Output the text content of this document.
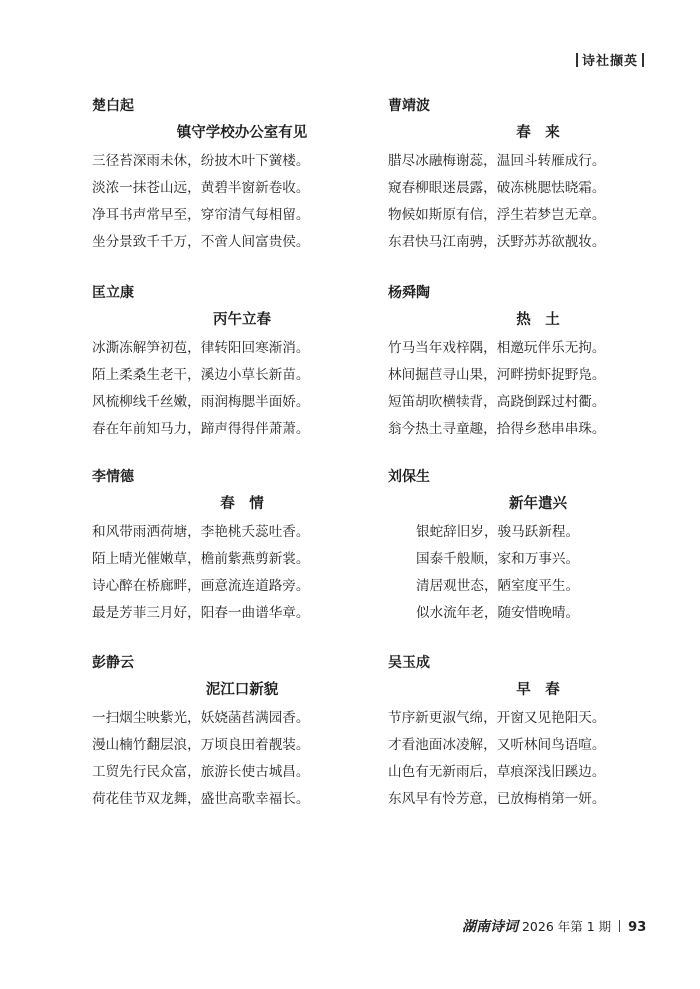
诗社撷英
楚白起
镇守学校办公室有见
三径苔深雨未休，纷披木叶下黉楼。
淡浓一抹苍山远，黄碧半窗新卷收。
净耳书声常早至，穿帘清气每相留。
坐分景致千千万，不啻人间富贵侯。
曹靖波
春　来
腊尽冰融梅谢蕊，温回斗转雁成行。
窥春柳眼迷晨露，破冻桃腮怯晓霜。
物候如斯原有信，浮生若梦岂无章。
东君快马江南骋，沃野苏苏欲靓妆。
匡立康
丙午立春
冰澌冻解笋初苞，律转阳回寒渐消。
陌上柔桑生老干，溪边小草长新苗。
风梳柳线千丝嫩，雨润梅腮半面娇。
春在年前知马力，蹄声得得伴萧萧。
杨舜陶
热　土
竹马当年戏梓隅，相邀玩伴乐无拘。
林间掘苣寻山果，河畔捞虾捉野凫。
短笛胡吹横犊背，高跷倒踩过村衢。
翁今热土寻童趣，拾得乡愁串串珠。
李情德
春　情
和风带雨洒荷塘，李艳桃夭蕊吐香。
陌上晴光催嫩草，檐前紫燕剪新裳。
诗心醉在桥廊畔，画意流连道路旁。
最是芳菲三月好，阳春一曲谱华章。
刘保生
新年遣兴
银蛇辞旧岁，骏马跃新程。
国泰千般顺，家和万事兴。
清居观世态，陋室度平生。
似水流年老，随安惜晚晴。
彭静云
泥江口新貌
一扫烟尘映紫光，妖娆菡萏满园香。
漫山楠竹翻层浪，万顷良田着靓装。
工贸先行民众富，旅游长使古城昌。
荷花佳节双龙舞，盛世高歌幸福长。
吴玉成
早　春
节序新更淑气绵，开窗又见艳阳天。
才看池面冰凌解，又听林间鸟语喧。
山色有无新雨后，草痕深浅旧蹊边。
东风早有怜芳意，已放梅梢第一妍。
湖南诗词 2026 年第 1 期 93
